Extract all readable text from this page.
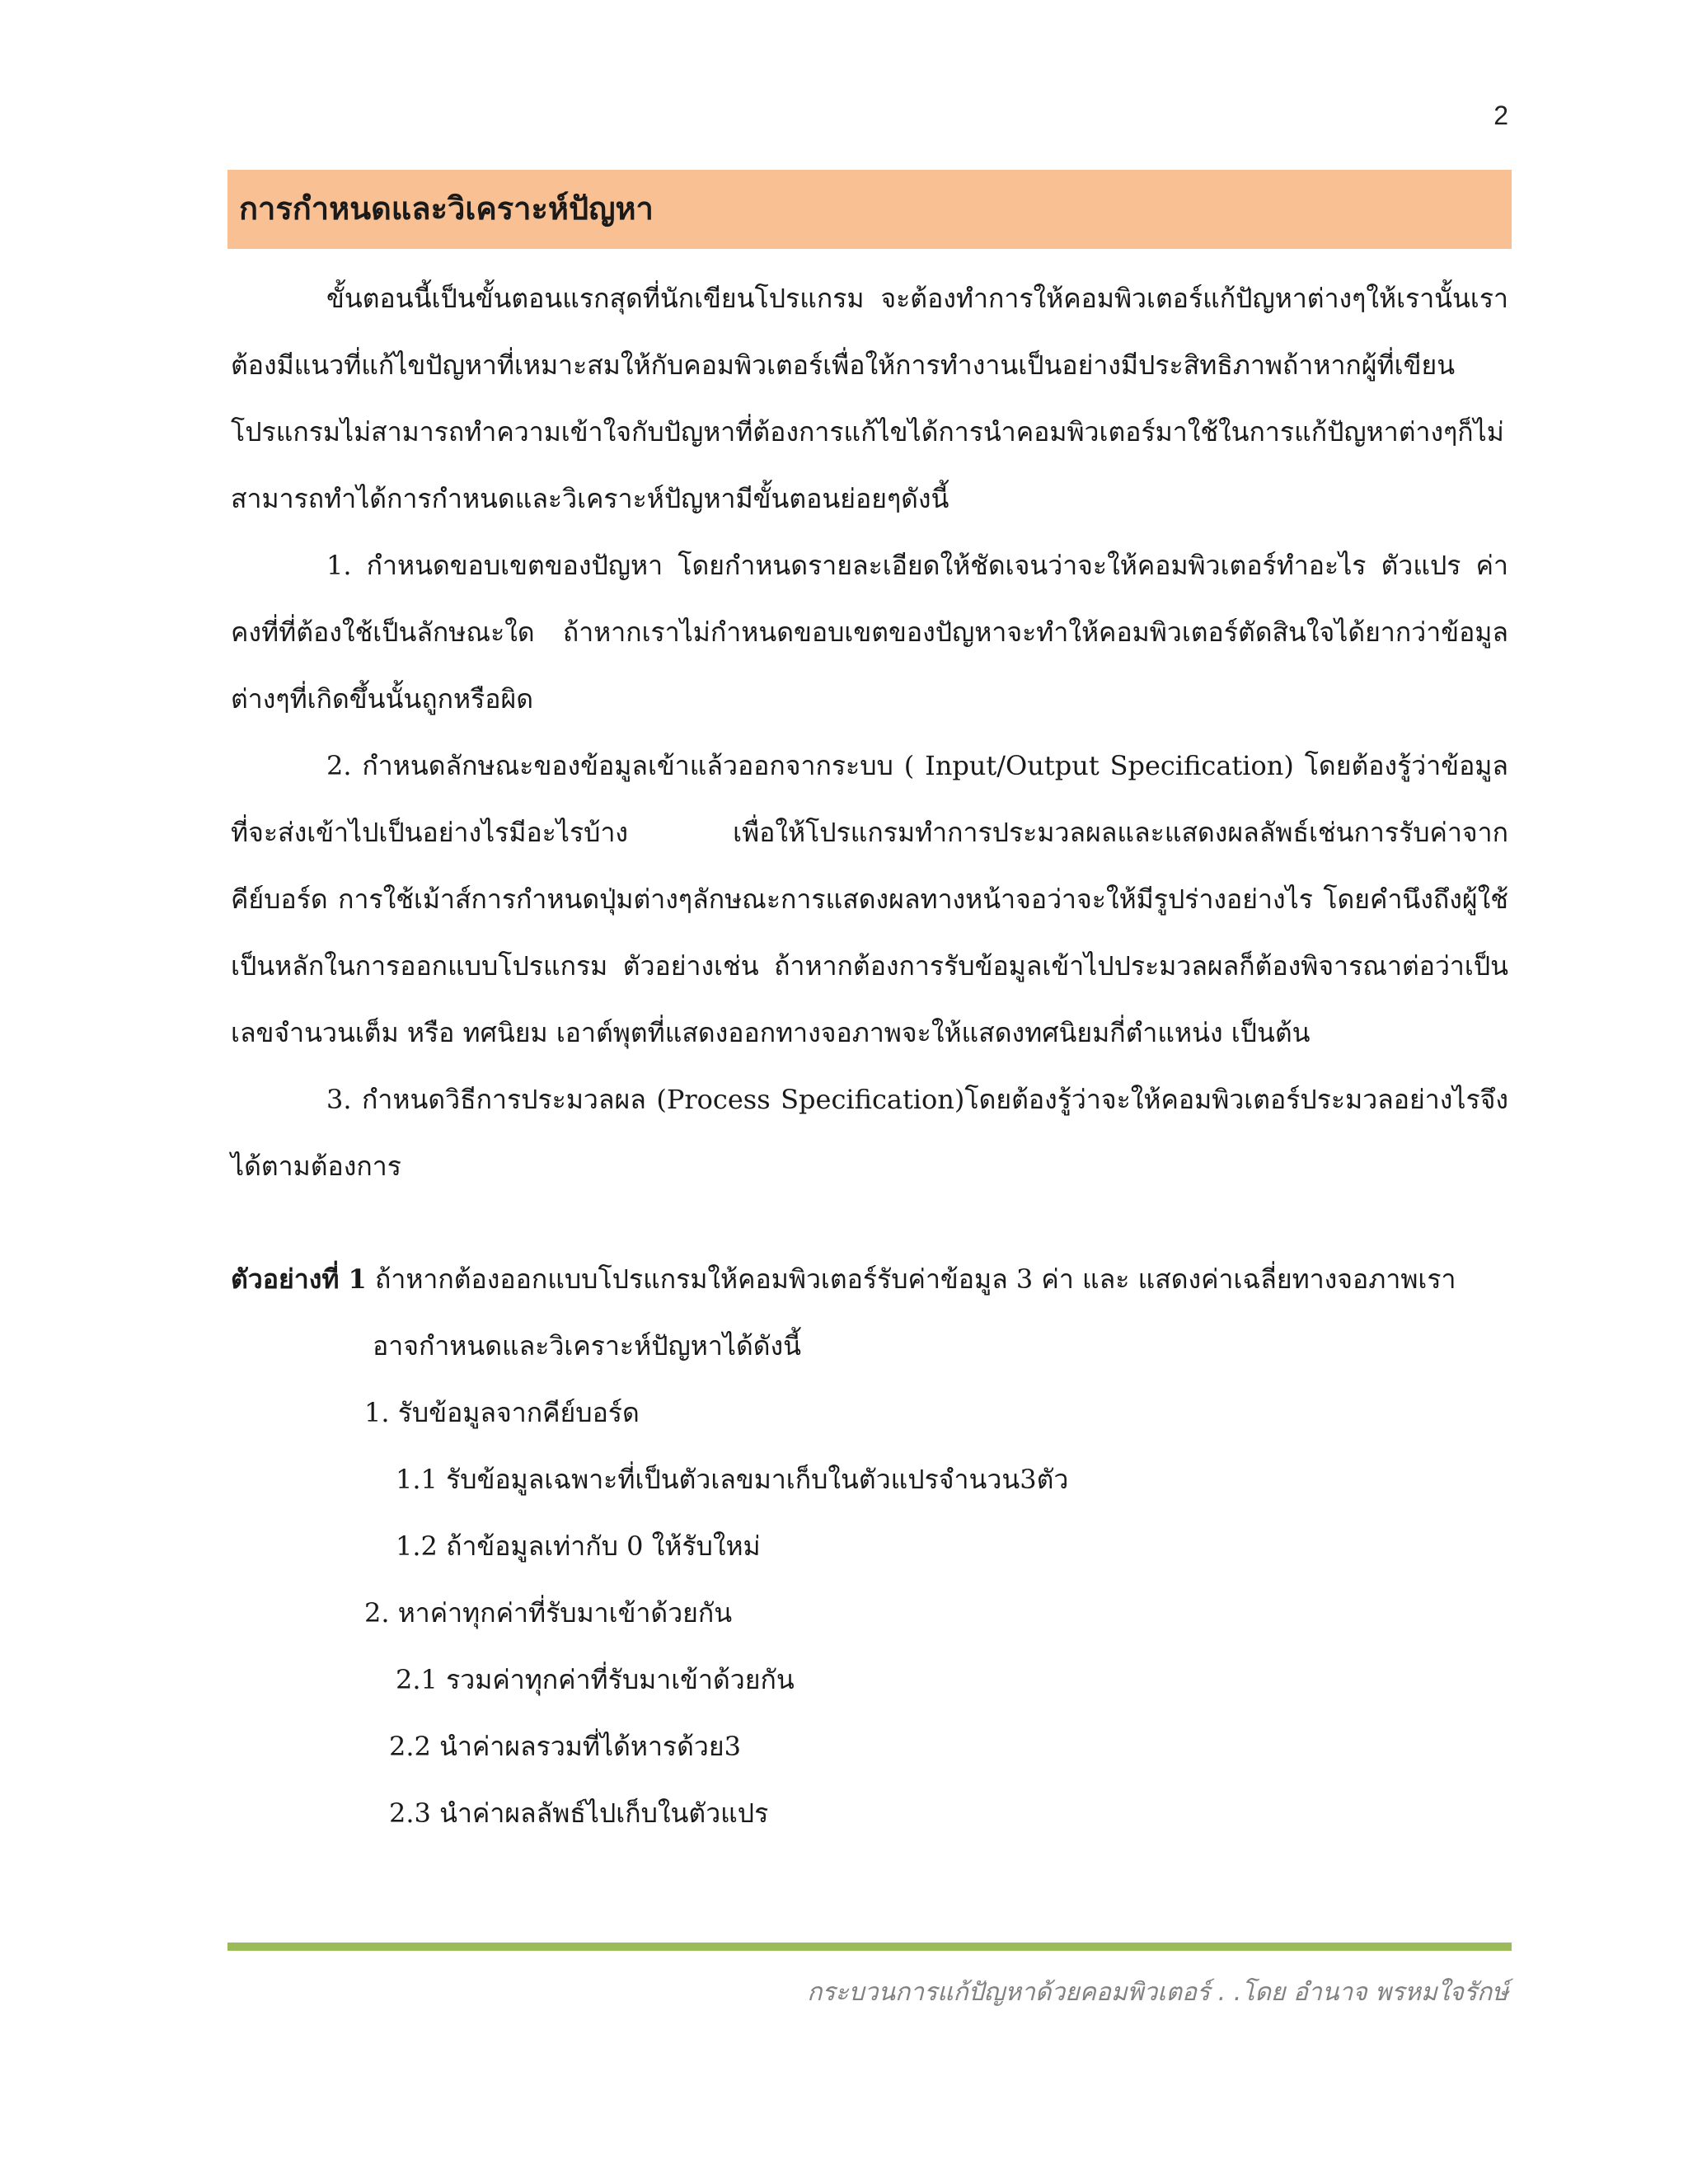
2
การกำหนดและวิเคราะห์ปัญหา

ขั้นตอนนี้เป็นขั้นตอนแรกสุดที่นักเขียนโปรแกรม จะต้องทำการให้คอมพิวเตอร์แก้ปัญหาต่างๆให้เรานั้นเราต้องมีแนวที่แก้ไขปัญหาที่เหมาะสมให้กับคอมพิวเตอร์เพื่อให้การทำงานเป็นอย่างมีประสิทธิภาพถ้าหากผู้ที่เขียนโปรแกรมไม่สามารถทำความเข้าใจกับปัญหาที่ต้องการแก้ไขได้การนำคอมพิวเตอร์มาใช้ในการแก้ปัญหาต่างๆก็ไม่สามารถทำได้การกำหนดและวิเคราะห์ปัญหามีขั้นตอนย่อยๆดังนี้

1. กำหนดขอบเขตของปัญหา โดยกำหนดรายละเอียดให้ชัดเจนว่าจะให้คอมพิวเตอร์ทำอะไร ตัวแปร ค่าคงที่ที่ต้องใช้เป็นลักษณะใด ถ้าหากเราไม่กำหนดขอบเขตของปัญหาจะทำให้คอมพิวเตอร์ตัดสินใจได้ยากว่าข้อมูลต่างๆที่เกิดขึ้นนั้นถูกหรือผิด

2. กำหนดลักษณะของข้อมูลเข้าแล้วออกจากระบบ ( Input/Output Specification) โดยต้องรู้ว่าข้อมูลที่จะส่งเข้าไปเป็นอย่างไรมีอะไรบ้าง เพื่อให้โปรแกรมทำการประมวลผลและแสดงผลลัพธ์เช่นการรับค่าจากคีย์บอร์ด การใช้เม้าส์การกำหนดปุ่มต่างๆลักษณะการแสดงผลทางหน้าจอว่าจะให้มีรูปร่างอย่างไร โดยคำนึงถึงผู้ใช้เป็นหลักในการออกแบบโปรแกรม ตัวอย่างเช่น ถ้าหากต้องการรับข้อมูลเข้าไปประมวลผลก็ต้องพิจารณาต่อว่าเป็นเลขจำนวนเต็ม หรือ ทศนิยม เอาต์พุตที่แสดงออกทางจอภาพจะให้แสดงทศนิยมกี่ตำแหน่ง เป็นต้น

3. กำหนดวิธีการประมวลผล (Process Specification)โดยต้องรู้ว่าจะให้คอมพิวเตอร์ประมวลอย่างไรจึงได้ตามต้องการ

ตัวอย่างที่ 1 ถ้าหากต้องออกแบบโปรแกรมให้คอมพิวเตอร์รับค่าข้อมูล 3 ค่า และ แสดงค่าเฉลี่ยทางจอภาพเรา

อาจกำหนดและวิเคราะห์ปัญหาได้ดังนี้

1. รับข้อมูลจากคีย์บอร์ด

1.1 รับข้อมูลเฉพาะที่เป็นตัวเลขมาเก็บในตัวแปรจำนวน3ตัว

1.2 ถ้าข้อมูลเท่ากับ 0 ให้รับใหม่

2. หาค่าทุกค่าที่รับมาเข้าด้วยกัน

2.1 รวมค่าทุกค่าที่รับมาเข้าด้วยกัน

2.2 นำค่าผลรวมที่ได้หารด้วย3

2.3 นำค่าผลลัพธ์ไปเก็บในตัวแปร

กระบวนการแก้ปัญหาด้วยคอมพิวเตอร์ . .โดย อำนาจ พรหมใจรักษ์
